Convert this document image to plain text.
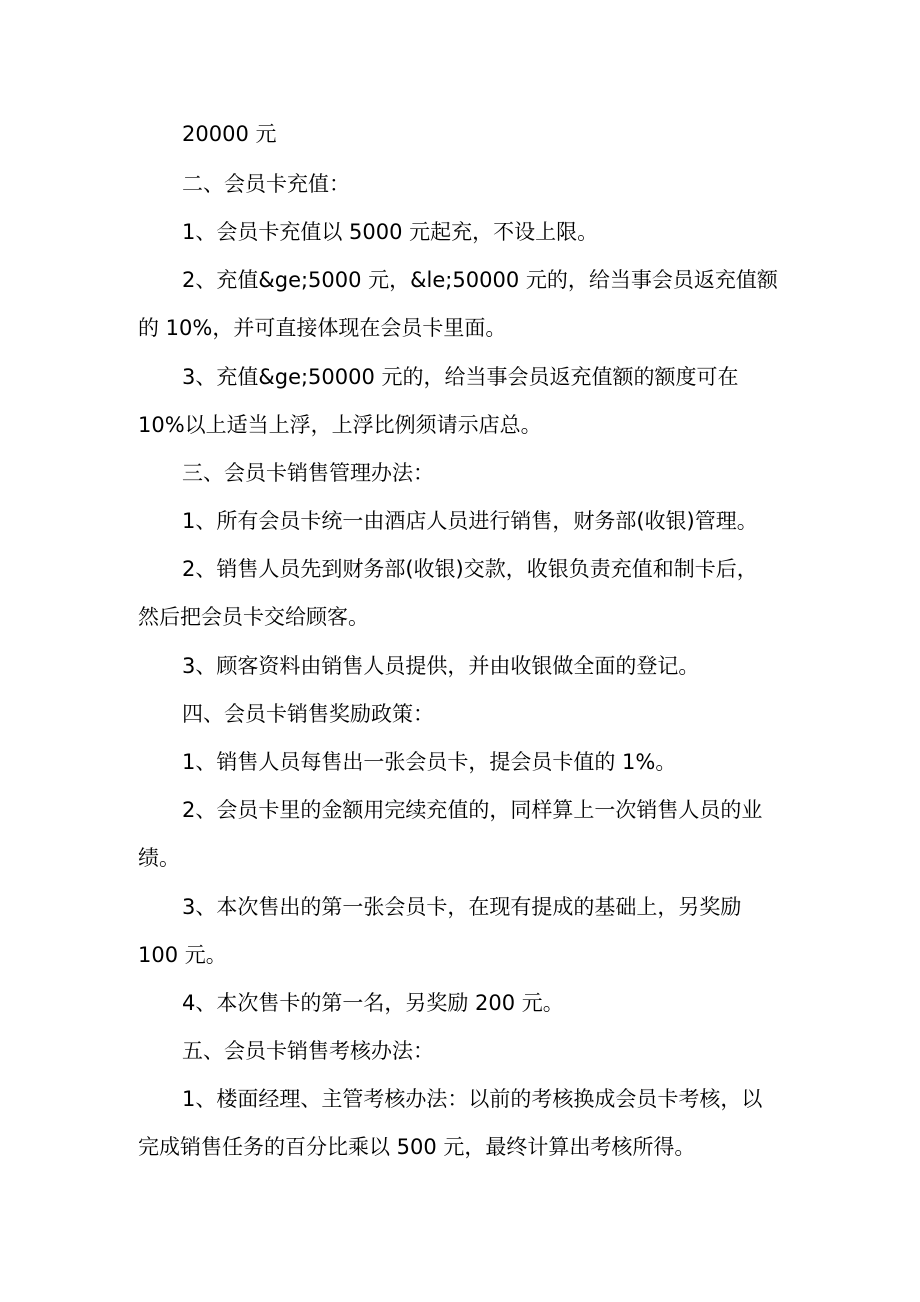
20000 元
二、会员卡充值：
1、会员卡充值以 5000 元起充，不设上限。
2、充值&ge;5000 元，&le;50000 元的，给当事会员返充值额
的 10%，并可直接体现在会员卡里面。
3、充值&ge;50000 元的，给当事会员返充值额的额度可在
10%以上适当上浮，上浮比例须请示店总。
三、会员卡销售管理办法：
1、所有会员卡统一由酒店人员进行销售，财务部(收银)管理。
2、销售人员先到财务部(收银)交款，收银负责充值和制卡后，
然后把会员卡交给顾客。
3、顾客资料由销售人员提供，并由收银做全面的登记。
四、会员卡销售奖励政策：
1、销售人员每售出一张会员卡，提会员卡值的 1%。
2、会员卡里的金额用完续充值的，同样算上一次销售人员的业
绩。
3、本次售出的第一张会员卡，在现有提成的基础上，另奖励
100 元。
4、本次售卡的第一名，另奖励 200 元。
五、会员卡销售考核办法：
1、楼面经理、主管考核办法：以前的考核换成会员卡考核，以
完成销售任务的百分比乘以 500 元，最终计算出考核所得。
